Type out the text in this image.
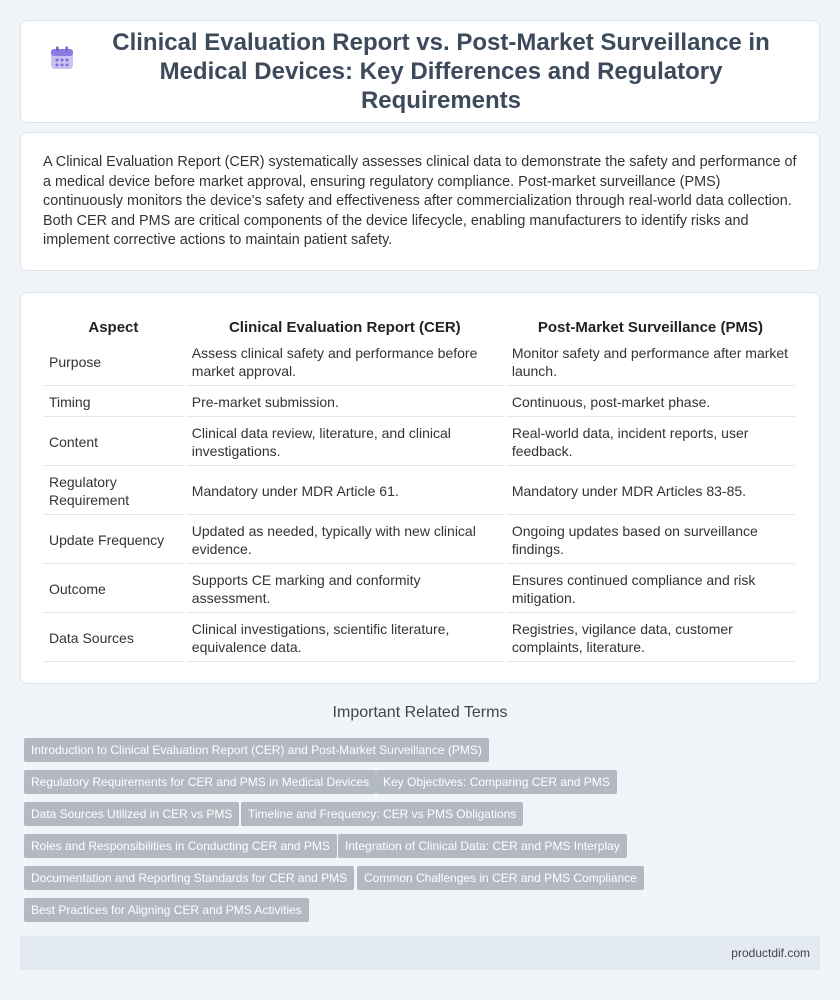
Clinical Evaluation Report vs. Post-Market Surveillance in Medical Devices: Key Differences and Regulatory Requirements

A Clinical Evaluation Report (CER) systematically assesses clinical data to demonstrate the safety and performance of a medical device before market approval, ensuring regulatory compliance. Post-market surveillance (PMS) continuously monitors the device's safety and effectiveness after commercialization through real-world data collection. Both CER and PMS are critical components of the device lifecycle, enabling manufacturers to identify risks and implement corrective actions to maintain patient safety.

Aspect	Clinical Evaluation Report (CER)	Post-Market Surveillance (PMS)
Purpose	Assess clinical safety and performance before market approval.	Monitor safety and performance after market launch.
Timing	Pre-market submission.	Continuous, post-market phase.
Content	Clinical data review, literature, and clinical investigations.	Real-world data, incident reports, user feedback.
Regulatory Requirement	Mandatory under MDR Article 61.	Mandatory under MDR Articles 83-85.
Update Frequency	Updated as needed, typically with new clinical evidence.	Ongoing updates based on surveillance findings.
Outcome	Supports CE marking and conformity assessment.	Ensures continued compliance and risk mitigation.
Data Sources	Clinical investigations, scientific literature, equivalence data.	Registries, vigilance data, customer complaints, literature.
Important Related Terms
Introduction to Clinical Evaluation Report (CER) and Post-Market Surveillance (PMS)
Regulatory Requirements for CER and PMS in Medical Devices	Key Objectives: Comparing CER and PMS
Data Sources Utilized in CER vs PMS	Timeline and Frequency: CER vs PMS Obligations
Roles and Responsibilities in Conducting CER and PMS	Integration of Clinical Data: CER and PMS Interplay
Documentation and Reporting Standards for CER and PMS	Common Challenges in CER and PMS Compliance
Best Practices for Aligning CER and PMS Activities
productdif.com
